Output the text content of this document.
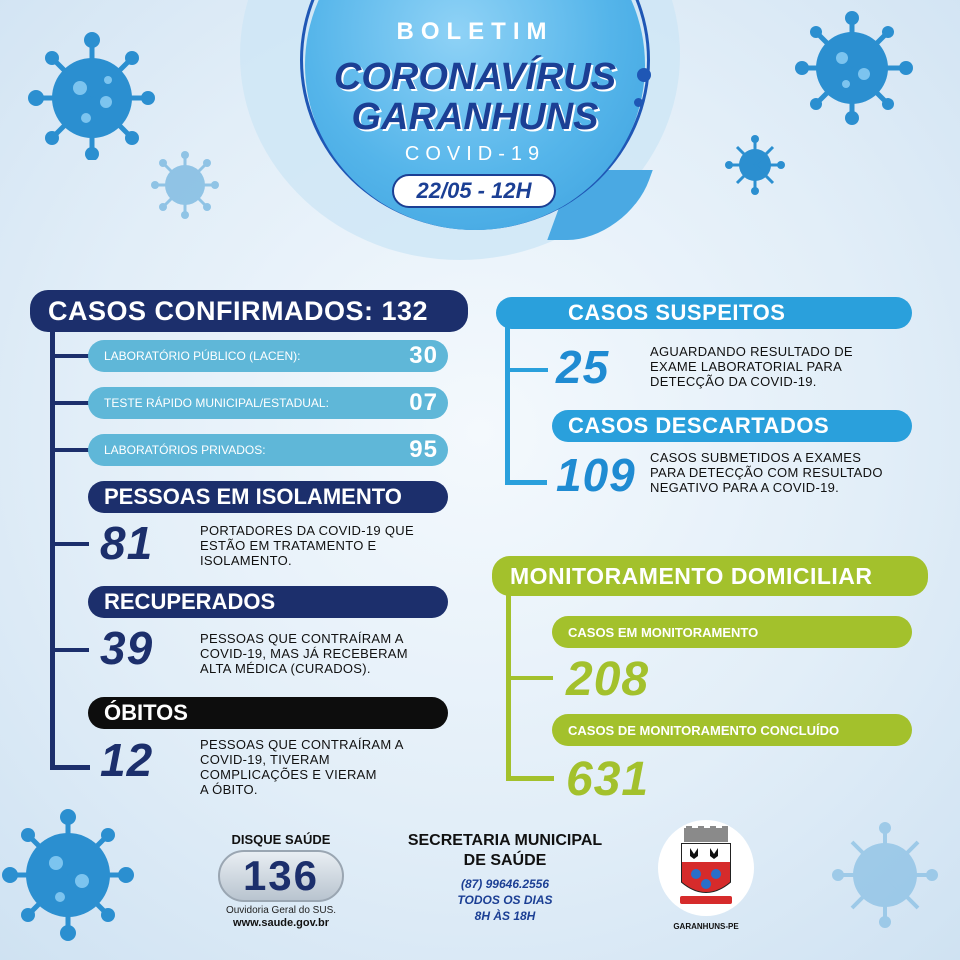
BOLETIM
CORONAVÍRUS
GARANHUNS
COVID-19
22/05 - 12H
CASOS CONFIRMADOS: 132
LABORATÓRIO PÚBLICO (LACEN):	30
TESTE RÁPIDO MUNICIPAL/ESTADUAL:	07
LABORATÓRIOS PRIVADOS:	95
PESSOAS EM ISOLAMENTO
81	PORTADORES DA COVID-19 QUE
ESTÃO EM TRATAMENTO E
ISOLAMENTO.
RECUPERADOS
39	PESSOAS QUE CONTRAÍRAM A
COVID-19, MAS JÁ RECEBERAM
ALTA MÉDICA (CURADOS).
ÓBITOS
12	PESSOAS QUE CONTRAÍRAM A
COVID-19, TIVERAM
COMPLICAÇÕES E VIERAM
A ÓBITO.
CASOS SUSPEITOS
25	AGUARDANDO RESULTADO DE
EXAME LABORATORIAL PARA
DETECÇÃO DA COVID-19.
CASOS DESCARTADOS
109 CASOS SUBMETIDOS A EXAMES
PARA DETECÇÃO COM RESULTADO
NEGATIVO PARA A COVID-19.
MONITORAMENTO DOMICILIAR
CASOS EM MONITORAMENTO
208
CASOS DE MONITORAMENTO CONCLUÍDO
631
DISQUE SAÚDE
136
Ouvidoria Geral do SUS.
www.saude.gov.br
SECRETARIA MUNICIPAL
DE SAÚDE
(87) 99646.2556
TODOS OS DIAS
8H ÀS 18H
GARANHUNS-PE
